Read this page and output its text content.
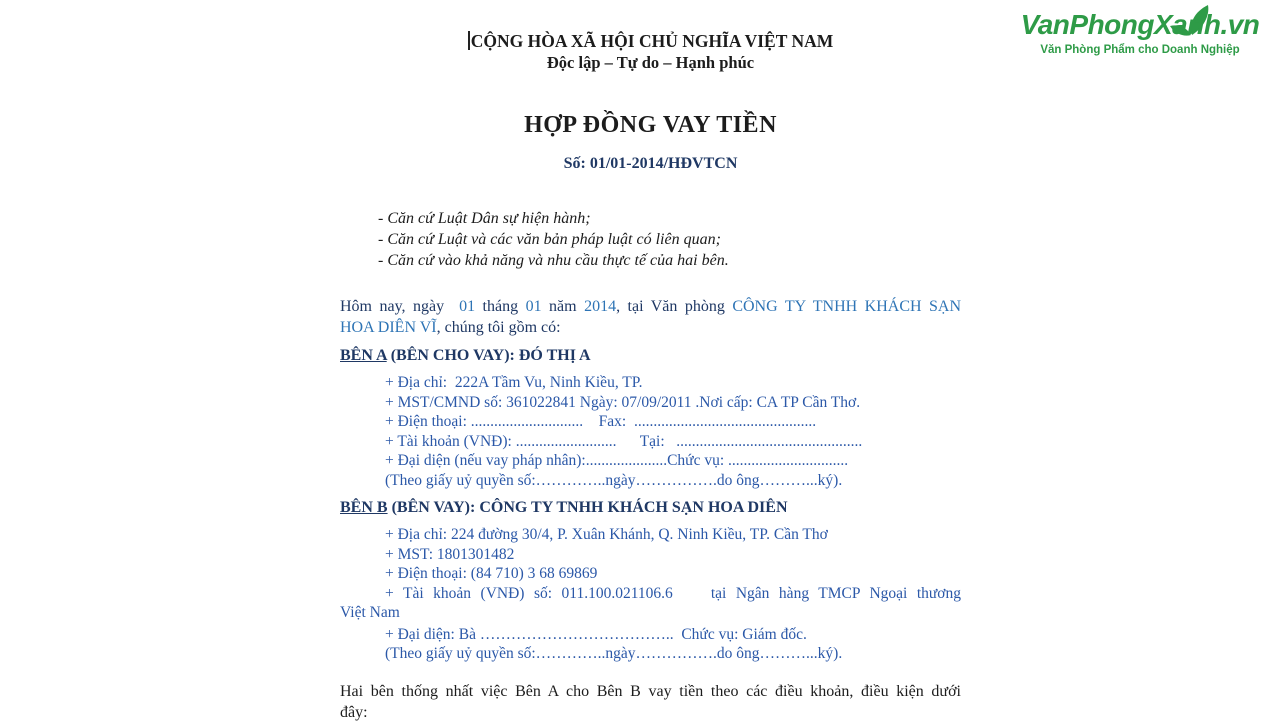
VanPhongXanh.vn
Văn Phòng Phẩm cho Doanh Nghiệp
CỘNG HÒA XÃ HỘI CHỦ NGHĨA VIỆT NAM
Độc lập – Tự do – Hạnh phúc
HỢP ĐỒNG VAY TIỀN
Số: 01/01-2014/HĐVTCN
- Căn cứ Luật Dân sự hiện hành;
- Căn cứ Luật và các văn bản pháp luật có liên quan;
- Căn cứ vào khả năng và nhu cầu thực tế của hai bên.
Hôm nay, ngày  01 tháng 01 năm 2014, tại Văn phòng CÔNG TY TNHH KHÁCH SẠN
HOA DIÊN VĨ, chúng tôi gồm có:
BÊN A (BÊN CHO VAY): ĐÓ THỊ A
+ Địa chỉ:  222A Tầm Vu, Ninh Kiều, TP.
+ MST/CMND số: 361022841 Ngày: 07/09/2011 .Nơi cấp: CA TP Cần Thơ.
+ Điện thoại: .............................    Fax:  ...............................................
+ Tài khoản (VNĐ): ..........................      Tại:   ................................................
+ Đại diện (nếu vay pháp nhân):.....................Chức vụ: ...............................
(Theo giấy uỷ quyền số:…………..ngày…………….do ông………...ký).
BÊN B (BÊN VAY): CÔNG TY TNHH KHÁCH SẠN HOA DIÊN
+ Địa chỉ: 224 đường 30/4, P. Xuân Khánh, Q. Ninh Kiều, TP. Cần Thơ
+ MST: 1801301482
+ Điện thoại: (84 710) 3 68 69869
+ Tài khoản (VNĐ) số: 011.100.021106.6    tại Ngân hàng TMCP Ngoại thương
Việt Nam
+ Đại diện: Bà ………………………………..  Chức vụ: Giám đốc.
(Theo giấy uỷ quyền số:…………..ngày…………….do ông………...ký).
Hai bên thống nhất việc Bên A cho Bên B vay tiền theo các điều khoản, điều kiện dưới
đây:
